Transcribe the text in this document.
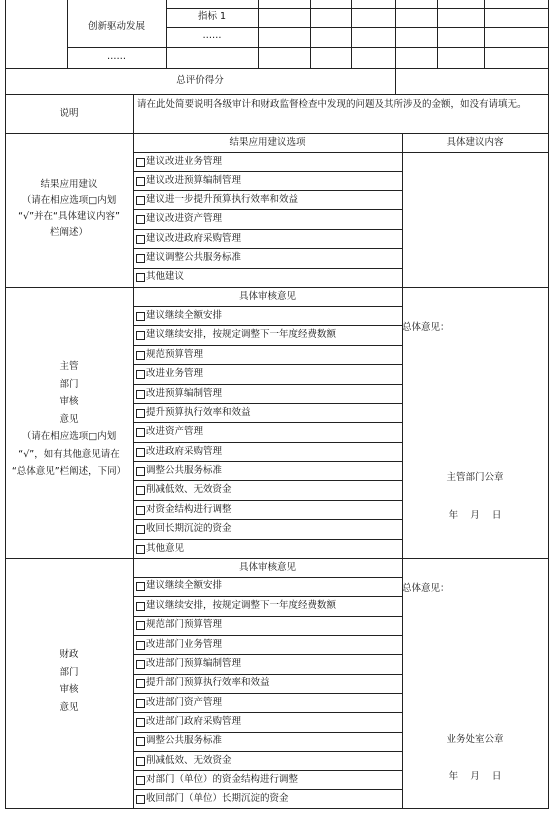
创新驱动发展
指标 1
……
……
总评价得分
说明
请在此处简要说明各级审计和财政监督检查中发现的问题及其所涉及的金额，如没有请填无。
结果应用建议选项	具体建议内容
结果应用建议
（请在相应选项□内划
“√”并在“具体建议内容”
栏阐述）
建议改进业务管理
建议改进预算编制管理
建议进一步提升预算执行效率和效益
建议改进资产管理
建议改进政府采购管理
建议调整公共服务标准
其他建议
主管
部门
审核
意见
（请在相应选项□内划
“√”，如有其他意见请在
“总体意见”栏阐述，下同）
具体审核意见
总体意见：
主管部门公章
年    月    日
建议继续全额安排
建议继续安排，按规定调整下一年度经费数额
规范预算管理
改进业务管理
改进预算编制管理
提升预算执行效率和效益
改进资产管理
改进政府采购管理
调整公共服务标准
削减低效、无效资金
对资金结构进行调整
收回长期沉淀的资金
其他意见
财政
部门
审核
意见
具体审核意见
总体意见：
业务处室公章
年    月    日
建议继续全额安排
建议继续安排，按规定调整下一年度经费数额
规范部门预算管理
改进部门业务管理
改进部门预算编制管理
提升部门预算执行效率和效益
改进部门资产管理
改进部门政府采购管理
调整公共服务标准
削减低效、无效资金
对部门（单位）的资金结构进行调整
收回部门（单位）长期沉淀的资金
